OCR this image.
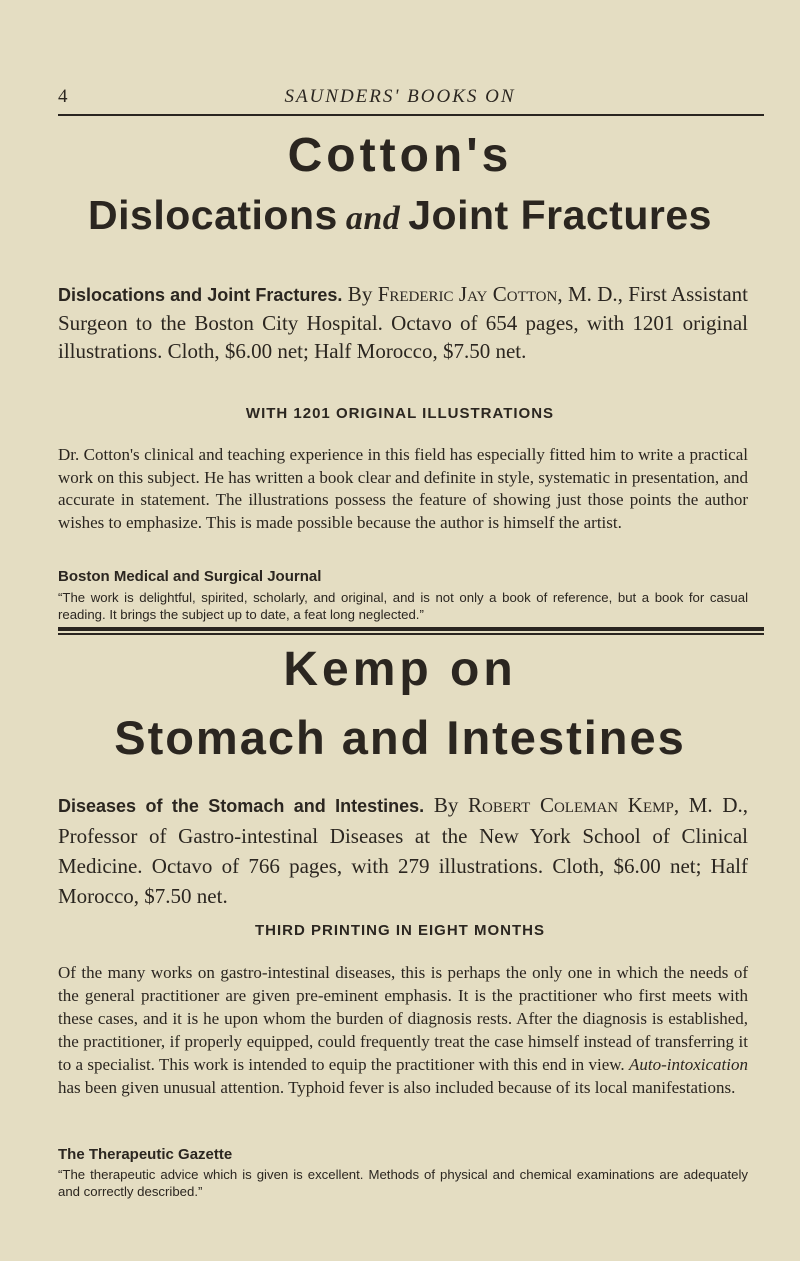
4	SAUNDERS' BOOKS ON
Cotton's
Dislocations and Joint Fractures
Dislocations and Joint Fractures. By Frederic Jay Cotton, M. D., First Assistant Surgeon to the Boston City Hospital. Octavo of 654 pages, with 1201 original illustrations. Cloth, $6.00 net; Half Morocco, $7.50 net.
WITH 1201 ORIGINAL ILLUSTRATIONS
Dr. Cotton's clinical and teaching experience in this field has especially fitted him to write a practical work on this subject. He has written a book clear and definite in style, systematic in presentation, and accurate in statement. The illustrations possess the feature of showing just those points the author wishes to emphasize. This is made possible because the author is himself the artist.
Boston Medical and Surgical Journal
“The work is delightful, spirited, scholarly, and original, and is not only a book of reference, but a book for casual reading. It brings the subject up to date, a feat long neglected.”
Kemp on
Stomach and Intestines
Diseases of the Stomach and Intestines. By Robert Coleman Kemp, M. D., Professor of Gastro-intestinal Diseases at the New York School of Clinical Medicine. Octavo of 766 pages, with 279 illustrations. Cloth, $6.00 net; Half Morocco, $7.50 net.
THIRD PRINTING IN EIGHT MONTHS
Of the many works on gastro-intestinal diseases, this is perhaps the only one in which the needs of the general practitioner are given pre-eminent emphasis. It is the practitioner who first meets with these cases, and it is he upon whom the burden of diagnosis rests. After the diagnosis is established, the practitioner, if properly equipped, could frequently treat the case himself instead of transferring it to a specialist. This work is intended to equip the practitioner with this end in view. Auto-intoxication has been given unusual attention. Typhoid fever is also included because of its local manifestations.
The Therapeutic Gazette
“The therapeutic advice which is given is excellent. Methods of physical and chemical examinations are adequately and correctly described.”
